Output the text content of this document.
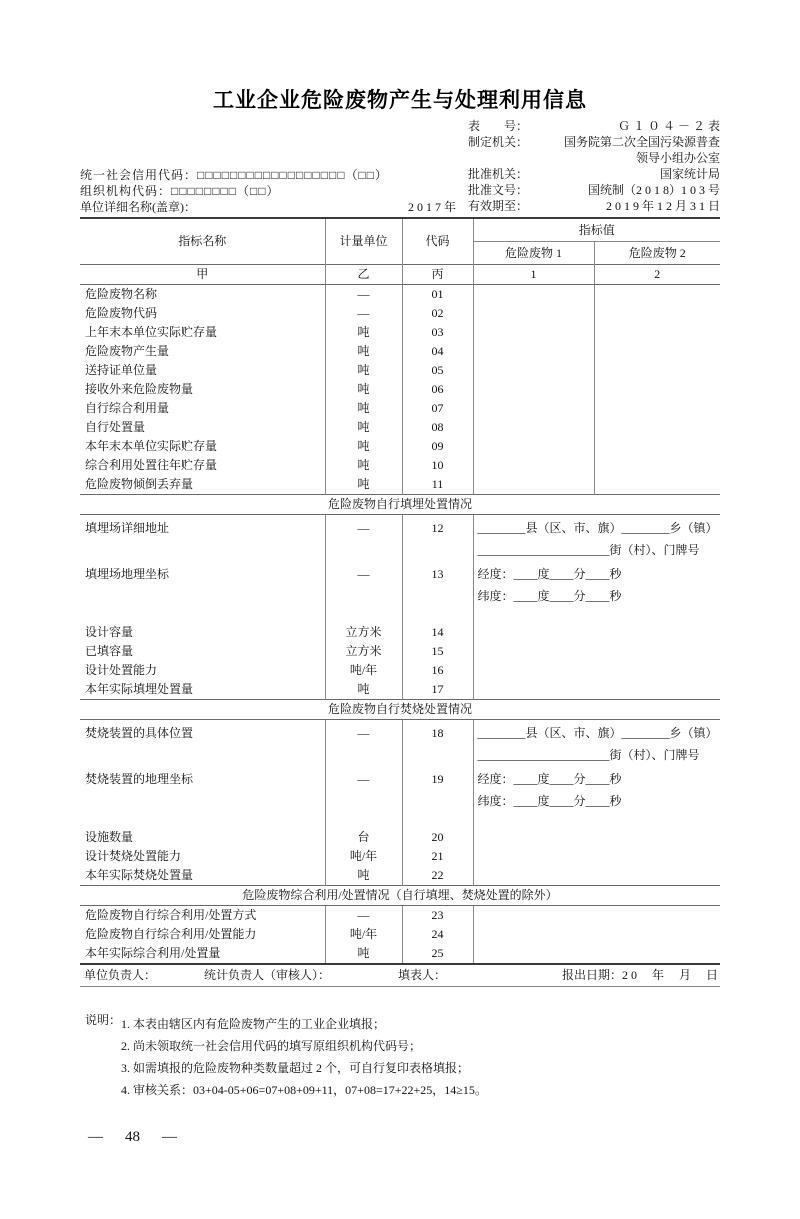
工业企业危险废物产生与处理利用信息
统一社会信用代码：□□□□□□□□□□□□□□□□□□（□□）
组织机构代码：□□□□□□□□（□□）
单位详细名称(盖章)：	2 0 1 7 年
表　　号：	Ｇ １ ０ ４ － ２ 表
制定机关：	国务院第二次全国污染源普查
领导小组办公室
批准机关：	国家统计局
批准文号：	国统制（2 0 1 8）1 0 3 号
有效期至：	2 0 1 9 年 1 2 月 3 1 日
指标名称	计量单位	代码	指标值	
			危险废物 1	危险废物 2
甲	乙	丙	1	2
危险废物名称	—	01		
危险废物代码	—	02		
上年末本单位实际贮存量	吨	03		
危险废物产生量	吨	04		
送持证单位量	吨	05		
接收外来危险废物量	吨	06		
自行综合利用量	吨	07		
自行处置量	吨	08		
本年末本单位实际贮存量	吨	09		
综合利用处置往年贮存量	吨	10		
危险废物倾倒丢弃量	吨	11		
危险废物自行填埋处置情况				
填埋场详细地址	—	12	________县（区、市、旗）________乡（镇）
______________________街（村）、门牌号	

填埋场地理坐标	—	13	经度：____度____分____秒
纬度：____度____分____秒	

设计容量	立方米	14		
已填容量	立方米	15		
设计处置能力	吨/年	16		
本年实际填埋处置量	吨	17		
危险废物自行焚烧处置情况				
焚烧装置的具体位置	—	18	________县（区、市、旗）________乡（镇）
______________________街（村）、门牌号	

焚烧装置的地理坐标	—	19	经度：____度____分____秒
纬度：____度____分____秒	

设施数量	台	20		
设计焚烧处置能力	吨/年	21		
本年实际焚烧处置量	吨	22		
危险废物综合利用/处置情况（自行填埋、焚烧处置的除外）				
危险废物自行综合利用/处置方式	—	23		
危险废物自行综合利用/处置能力	吨/年	24		
本年实际综合利用/处置量	吨	25		
单位负责人：	统计负责人（审核人）：	填表人：	报出日期：2 0　 年　 月　 日
说明： 1. 本表由辖区内有危险废物产生的工业企业填报；
2. 尚未领取统一社会信用代码的填写原组织机构代码号；
3. 如需填报的危险废物种类数量超过 2 个，可自行复印表格填报；
4. 审核关系：03+04-05+06=07+08+09+11，07+08=17+22+25，14≥15。
— 48 —
